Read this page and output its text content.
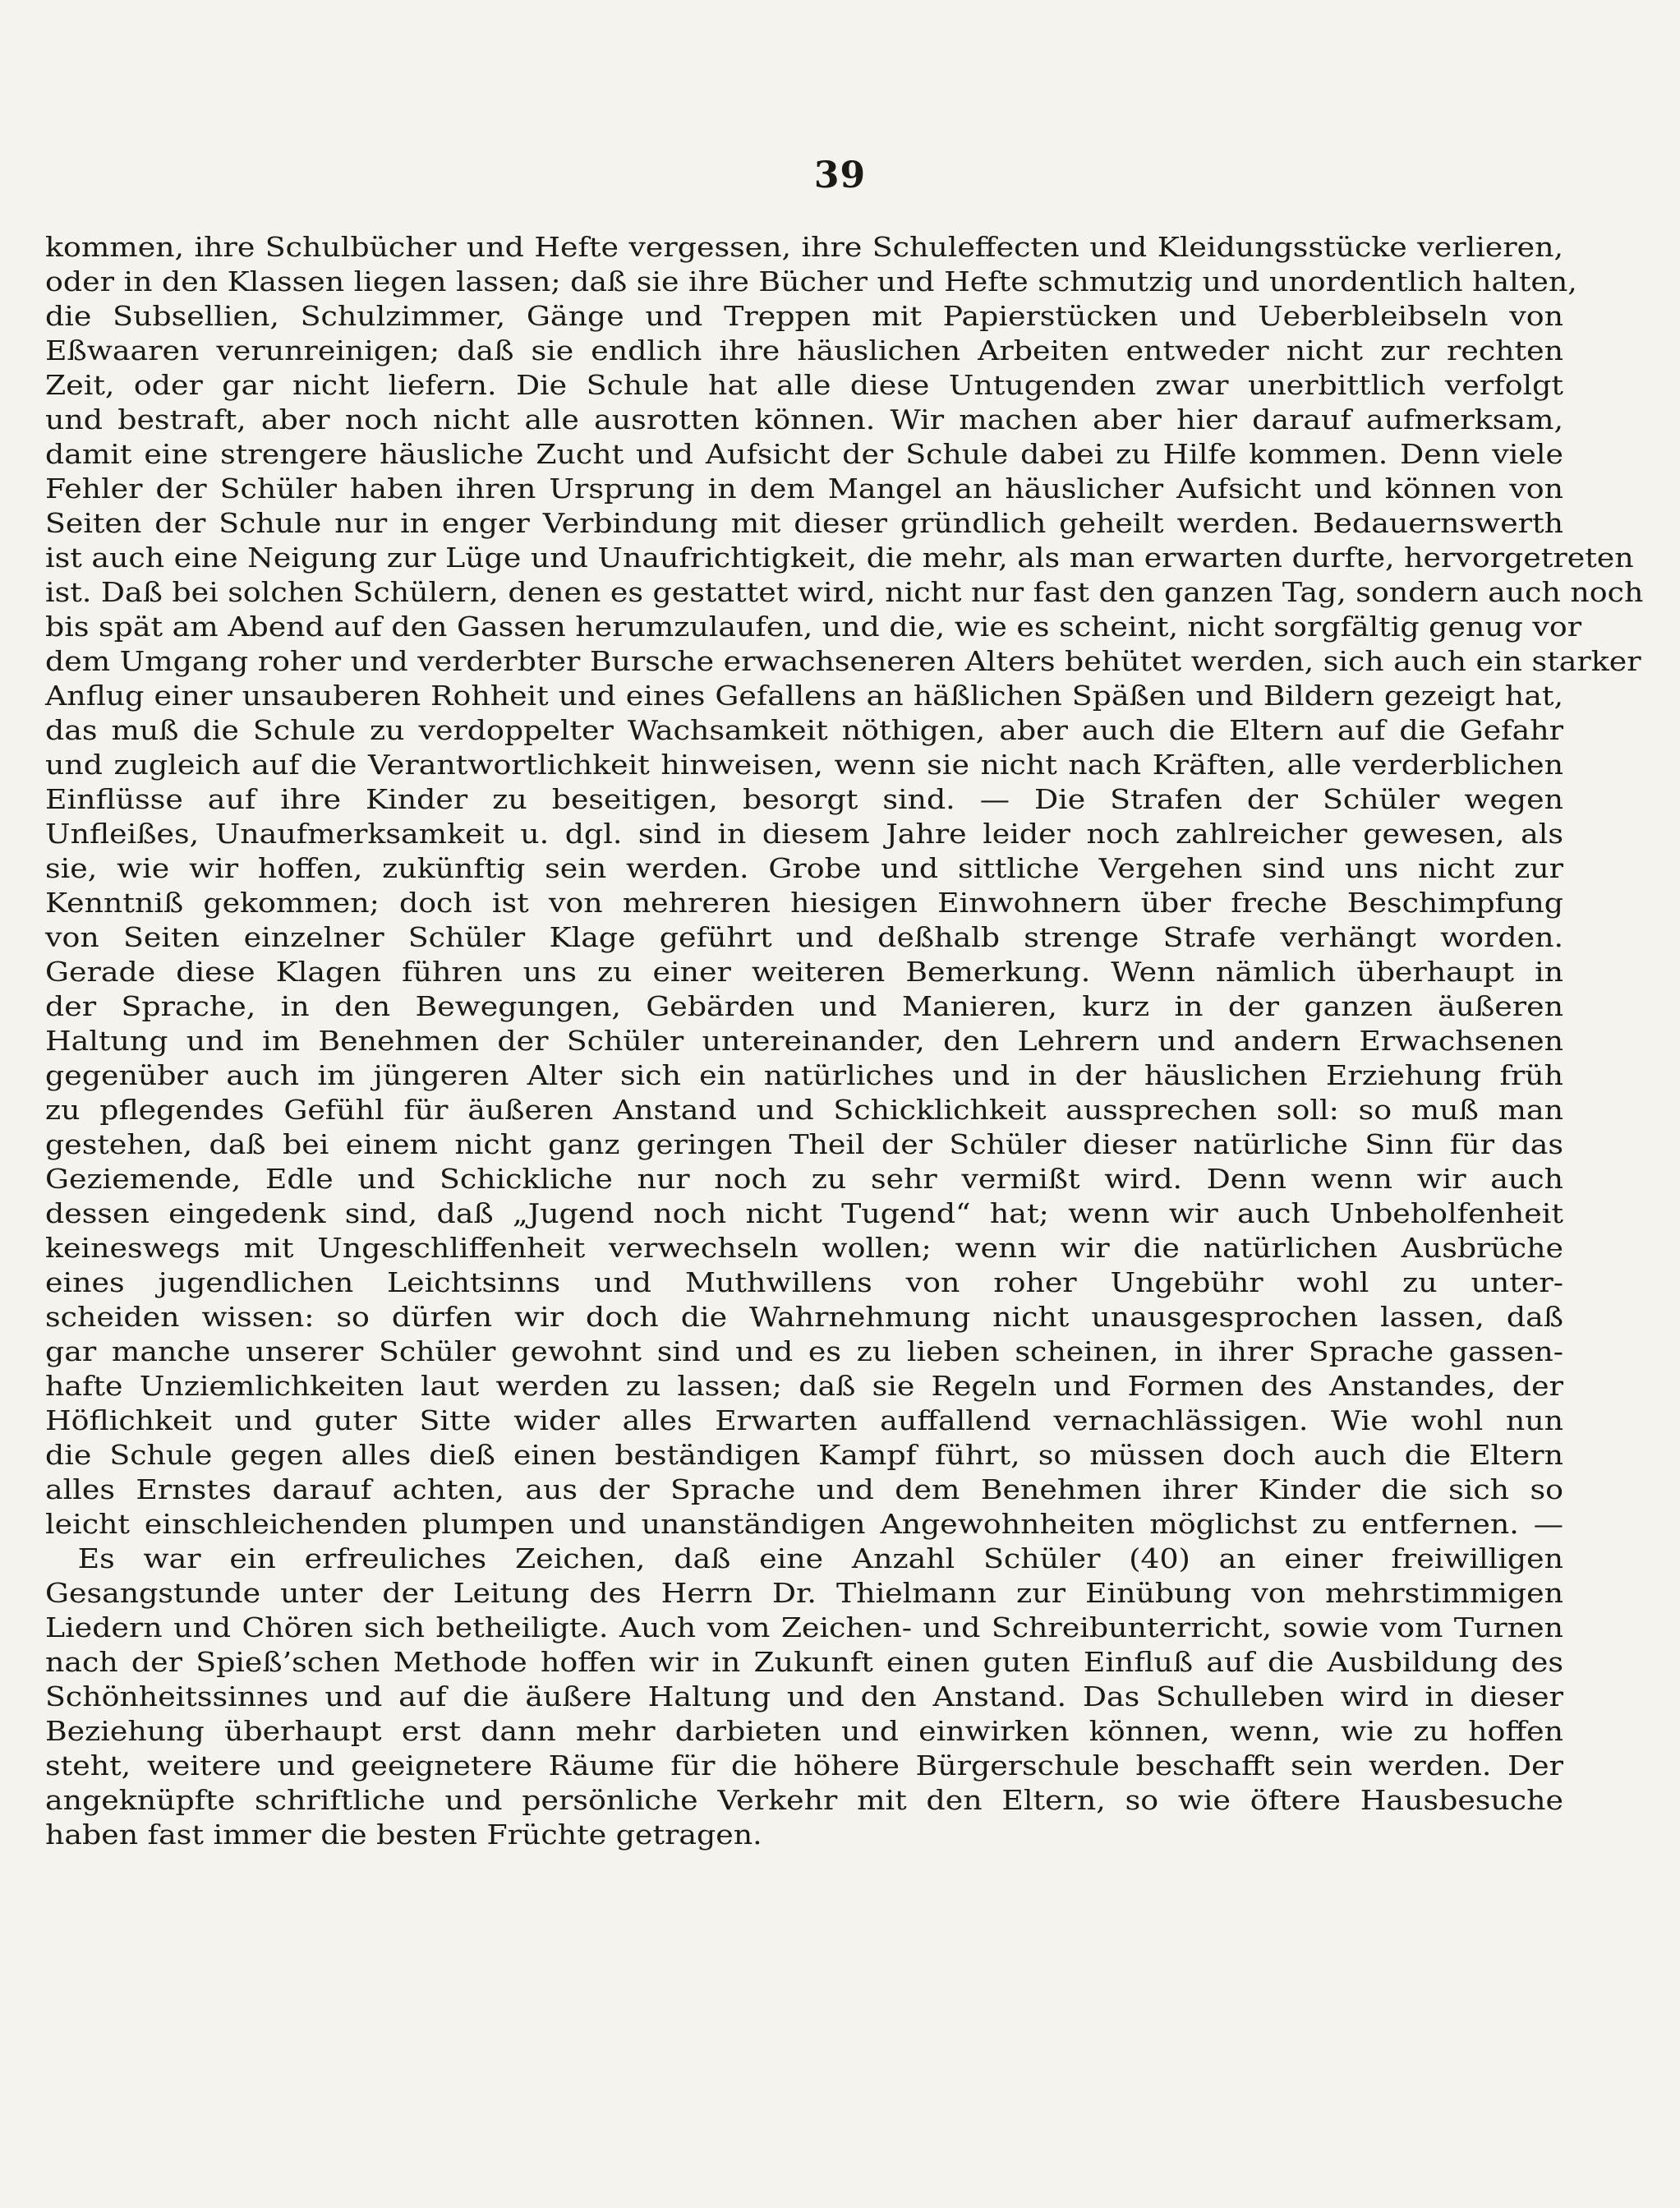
39
kommen, ihre Schulbücher und Hefte vergessen, ihre Schuleffecten und Kleidungsstücke verlieren,
oder in den Klassen liegen lassen; daß sie ihre Bücher und Hefte schmutzig und unordentlich halten,
die Subsellien, Schulzimmer, Gänge und Treppen mit Papierstücken und Ueberbleibseln von
Eßwaaren verunreinigen; daß sie endlich ihre häuslichen Arbeiten entweder nicht zur rechten
Zeit, oder gar nicht liefern. Die Schule hat alle diese Untugenden zwar unerbittlich verfolgt
und bestraft, aber noch nicht alle ausrotten können. Wir machen aber hier darauf aufmerksam,
damit eine strengere häusliche Zucht und Aufsicht der Schule dabei zu Hilfe kommen. Denn viele
Fehler der Schüler haben ihren Ursprung in dem Mangel an häuslicher Aufsicht und können von
Seiten der Schule nur in enger Verbindung mit dieser gründlich geheilt werden. Bedauernswerth
ist auch eine Neigung zur Lüge und Unaufrichtigkeit, die mehr, als man erwarten durfte, hervorgetreten
ist. Daß bei solchen Schülern, denen es gestattet wird, nicht nur fast den ganzen Tag, sondern auch noch
bis spät am Abend auf den Gassen herumzulaufen, und die, wie es scheint, nicht sorgfältig genug vor
dem Umgang roher und verderbter Bursche erwachseneren Alters behütet werden, sich auch ein starker
Anflug einer unsauberen Rohheit und eines Gefallens an häßlichen Späßen und Bildern gezeigt hat,
das muß die Schule zu verdoppelter Wachsamkeit nöthigen, aber auch die Eltern auf die Gefahr
und zugleich auf die Verantwortlichkeit hinweisen, wenn sie nicht nach Kräften, alle verderblichen
Einflüsse auf ihre Kinder zu beseitigen, besorgt sind. — Die Strafen der Schüler wegen
Unfleißes, Unaufmerksamkeit u. dgl. sind in diesem Jahre leider noch zahlreicher gewesen, als
sie, wie wir hoffen, zukünftig sein werden. Grobe und sittliche Vergehen sind uns nicht zur
Kenntniß gekommen; doch ist von mehreren hiesigen Einwohnern über freche Beschimpfung
von Seiten einzelner Schüler Klage geführt und deßhalb strenge Strafe verhängt worden.
Gerade diese Klagen führen uns zu einer weiteren Bemerkung. Wenn nämlich überhaupt in
der Sprache, in den Bewegungen, Gebärden und Manieren, kurz in der ganzen äußeren
Haltung und im Benehmen der Schüler untereinander, den Lehrern und andern Erwachsenen
gegenüber auch im jüngeren Alter sich ein natürliches und in der häuslichen Erziehung früh
zu pflegendes Gefühl für äußeren Anstand und Schicklichkeit aussprechen soll: so muß man
gestehen, daß bei einem nicht ganz geringen Theil der Schüler dieser natürliche Sinn für das
Geziemende, Edle und Schickliche nur noch zu sehr vermißt wird. Denn wenn wir auch
dessen eingedenk sind, daß „Jugend noch nicht Tugend“ hat; wenn wir auch Unbeholfenheit
keineswegs mit Ungeschliffenheit verwechseln wollen; wenn wir die natürlichen Ausbrüche
eines jugendlichen Leichtsinns und Muthwillens von roher Ungebühr wohl zu unter-
scheiden wissen: so dürfen wir doch die Wahrnehmung nicht unausgesprochen lassen, daß
gar manche unserer Schüler gewohnt sind und es zu lieben scheinen, in ihrer Sprache gassen-
hafte Unziemlichkeiten laut werden zu lassen; daß sie Regeln und Formen des Anstandes, der
Höflichkeit und guter Sitte wider alles Erwarten auffallend vernachlässigen. Wie wohl nun
die Schule gegen alles dieß einen beständigen Kampf führt, so müssen doch auch die Eltern
alles Ernstes darauf achten, aus der Sprache und dem Benehmen ihrer Kinder die sich so
leicht einschleichenden plumpen und unanständigen Angewohnheiten möglichst zu entfernen. —
Es war ein erfreuliches Zeichen, daß eine Anzahl Schüler (40) an einer freiwilligen
Gesangstunde unter der Leitung des Herrn Dr. Thielmann zur Einübung von mehrstimmigen
Liedern und Chören sich betheiligte. Auch vom Zeichen- und Schreibunterricht, sowie vom Turnen
nach der Spieß’schen Methode hoffen wir in Zukunft einen guten Einfluß auf die Ausbildung des
Schönheitssinnes und auf die äußere Haltung und den Anstand. Das Schulleben wird in dieser
Beziehung überhaupt erst dann mehr darbieten und einwirken können, wenn, wie zu hoffen
steht, weitere und geeignetere Räume für die höhere Bürgerschule beschafft sein werden. Der
angeknüpfte schriftliche und persönliche Verkehr mit den Eltern, so wie öftere Hausbesuche
haben fast immer die besten Früchte getragen.
